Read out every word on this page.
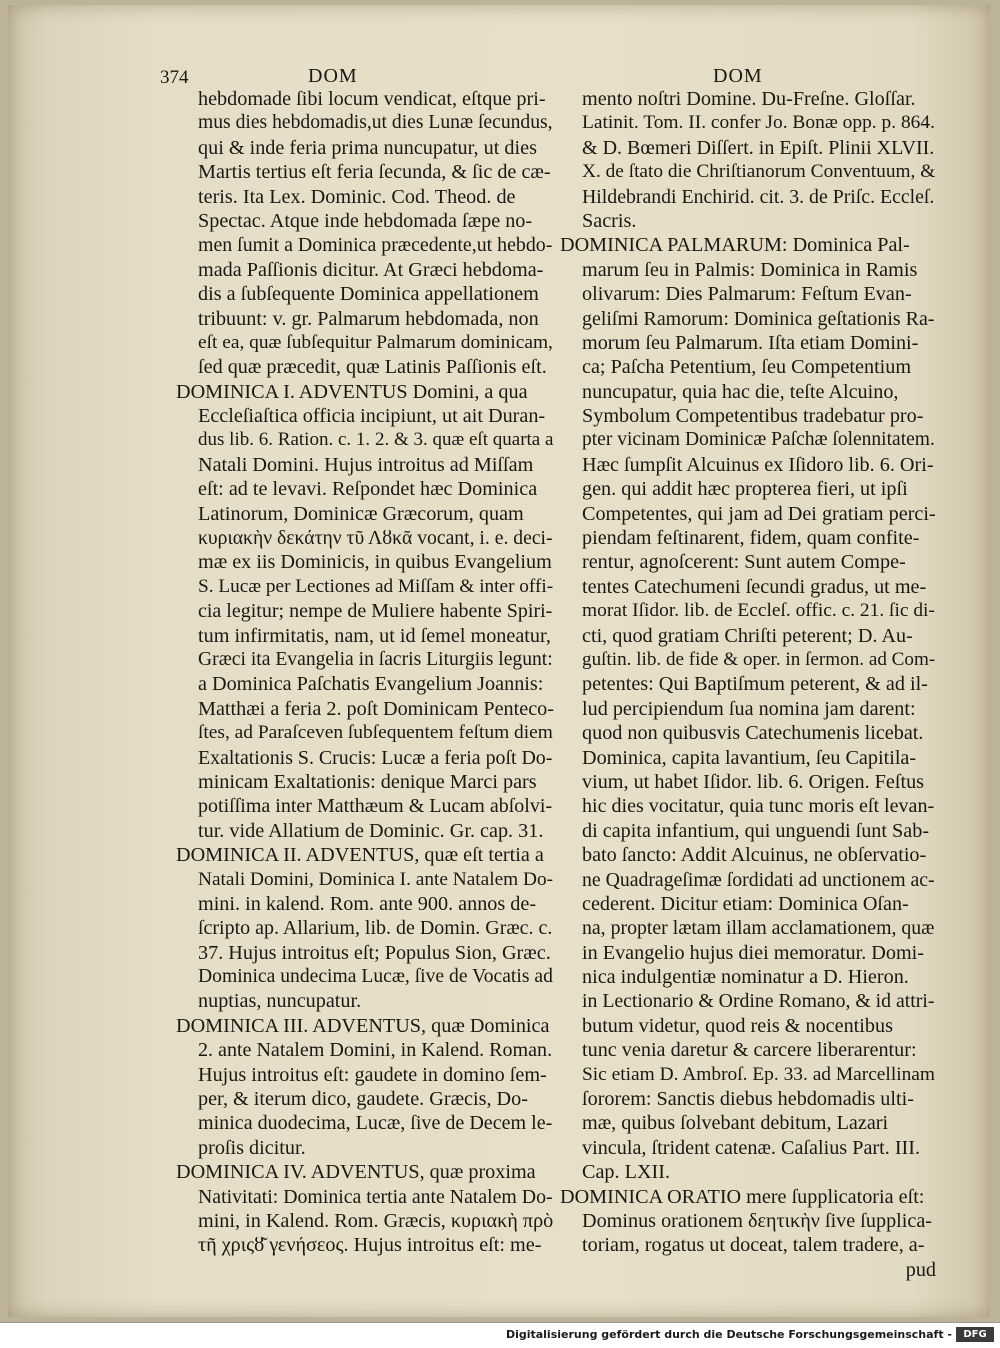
374	DOM	DOM
hebdomade ſibi locum vendicat, eſtque pri-
mus dies hebdomadis,ut dies Lunæ ſecundus,
qui & inde feria prima nuncupatur, ut dies
Martis tertius eſt feria ſecunda, & ſic de cæ-
teris. Ita Lex. Dominic. Cod. Theod. de
Spectac. Atque inde hebdomada ſæpe no-
men ſumit a Dominica præcedente,ut hebdo-
mada Paſſionis dicitur. At Græci hebdoma-
dis a ſubſequente Dominica appellationem
tribuunt: v. gr. Palmarum hebdomada, non
eſt ea, quæ ſubſequitur Palmarum dominicam,
ſed quæ præcedit, quæ Latinis Paſſionis eſt.
DOMINICA I. ADVENTUS Domini, a qua
Eccleſiaſtica officia incipiunt, ut ait Duran-
dus lib. 6. Ration. c. 1. 2. & 3. quæ eſt quarta a
Natali Domini. Hujus introitus ad Miſſam
eſt: ad te levavi. Reſpondet hæc Dominica
Latinorum, Dominicæ Græcorum, quam
κυριακὴν δεκάτην τῦ Λȣκᾶ vocant, i. e. deci-
mæ ex iis Dominicis, in quibus Evangelium
S. Lucæ per Lectiones ad Miſſam & inter offi-
cia legitur; nempe de Muliere habente Spiri-
tum infirmitatis, nam, ut id ſemel moneatur,
Græci ita Evangelia in ſacris Liturgiis legunt:
a Dominica Paſchatis Evangelium Joannis:
Matthæi a feria 2. poſt Dominicam Penteco-
ſtes, ad Paraſceven ſubſequentem feſtum diem
Exaltationis S. Crucis: Lucæ a feria poſt Do-
minicam Exaltationis: denique Marci pars
potiſſima inter Matthæum & Lucam abſolvi-
tur. vide Allatium de Dominic. Gr. cap. 31.
DOMINICA II. ADVENTUS, quæ eſt tertia a
Natali Domini, Dominica I. ante Natalem Do-
mini. in kalend. Rom. ante 900. annos de-
ſcripto ap. Allarium, lib. de Domin. Græc. c.
37. Hujus introitus eſt; Populus Sion, Græc.
Dominica undecima Lucæ, ſive de Vocatis ad
nuptias, nuncupatur.
DOMINICA III. ADVENTUS, quæ Dominica
2. ante Natalem Domini, in Kalend. Roman.
Hujus introitus eſt: gaudete in domino ſem-
per, & iterum dico, gaudete. Græcis, Do-
minica duodecima, Lucæ, ſive de Decem le-
proſis dicitur.
DOMINICA IV. ADVENTUS, quæ proxima
Nativitati: Dominica tertia ante Natalem Do-
mini, in Kalend. Rom. Græcis, κυριακὴ πρὸ
τῆ χριςȣ͂ γενήσεος. Hujus introitus eſt: me-
mento noſtri Domine. Du-Freſne. Gloſſar.
Latinit. Tom. II. confer Jo. Bonæ opp. p. 864.
& D. Bœmeri Diſſert. in Epiſt. Plinii XLVII.
X. de ſtato die Chriſtianorum Conventuum, &
Hildebrandi Enchirid. cit. 3. de Priſc. Eccleſ.
Sacris.
DOMINICA PALMARUM: Dominica Pal-
marum ſeu in Palmis: Dominica in Ramis
olivarum: Dies Palmarum: Feſtum Evan-
geliſmi Ramorum: Dominica geſtationis Ra-
morum ſeu Palmarum. Iſta etiam Domini-
ca; Paſcha Petentium, ſeu Competentium
nuncupatur, quia hac die, teſte Alcuino,
Symbolum Competentibus tradebatur pro-
pter vicinam Dominicæ Paſchæ ſolennitatem.
Hæc ſumpſit Alcuinus ex Iſidoro lib. 6. Ori-
gen. qui addit hæc propterea fieri, ut ipſi
Competentes, qui jam ad Dei gratiam perci-
piendam feſtinarent, fidem, quam confite-
rentur, agnoſcerent: Sunt autem Compe-
tentes Catechumeni ſecundi gradus, ut me-
morat Iſidor. lib. de Eccleſ. offic. c. 21. ſic di-
cti, quod gratiam Chriſti peterent; D. Au-
guſtin. lib. de fide & oper. in ſermon. ad Com-
petentes: Qui Baptiſmum peterent, & ad il-
lud percipiendum ſua nomina jam darent:
quod non quibusvis Catechumenis licebat.
Dominica, capita lavantium, ſeu Capitila-
vium, ut habet Iſidor. lib. 6. Origen. Feſtus
hic dies vocitatur, quia tunc moris eſt levan-
di capita infantium, qui unguendi ſunt Sab-
bato ſancto: Addit Alcuinus, ne obſervatio-
ne Quadrageſimæ ſordidati ad unctionem ac-
cederent. Dicitur etiam: Dominica Oſan-
na, propter lætam illam acclamationem, quæ
in Evangelio hujus diei memoratur. Domi-
nica indulgentiæ nominatur a D. Hieron.
in Lectionario & Ordine Romano, & id attri-
butum videtur, quod reis & nocentibus
tunc venia daretur & carcere liberarentur:
Sic etiam D. Ambroſ. Ep. 33. ad Marcellinam
ſororem: Sanctis diebus hebdomadis ulti-
mæ, quibus ſolvebant debitum, Lazari
vincula, ſtrident catenæ. Caſalius Part. III.
Cap. LXII.
DOMINICA ORATIO mere ſupplicatoria eſt:
Dominus orationem δεητικὴν ſive ſupplica-
toriam, rogatus ut doceat, talem tradere, a-
pud
Digitalisierung gefördert durch die Deutsche Forschungsgemeinschaft -	DFG
